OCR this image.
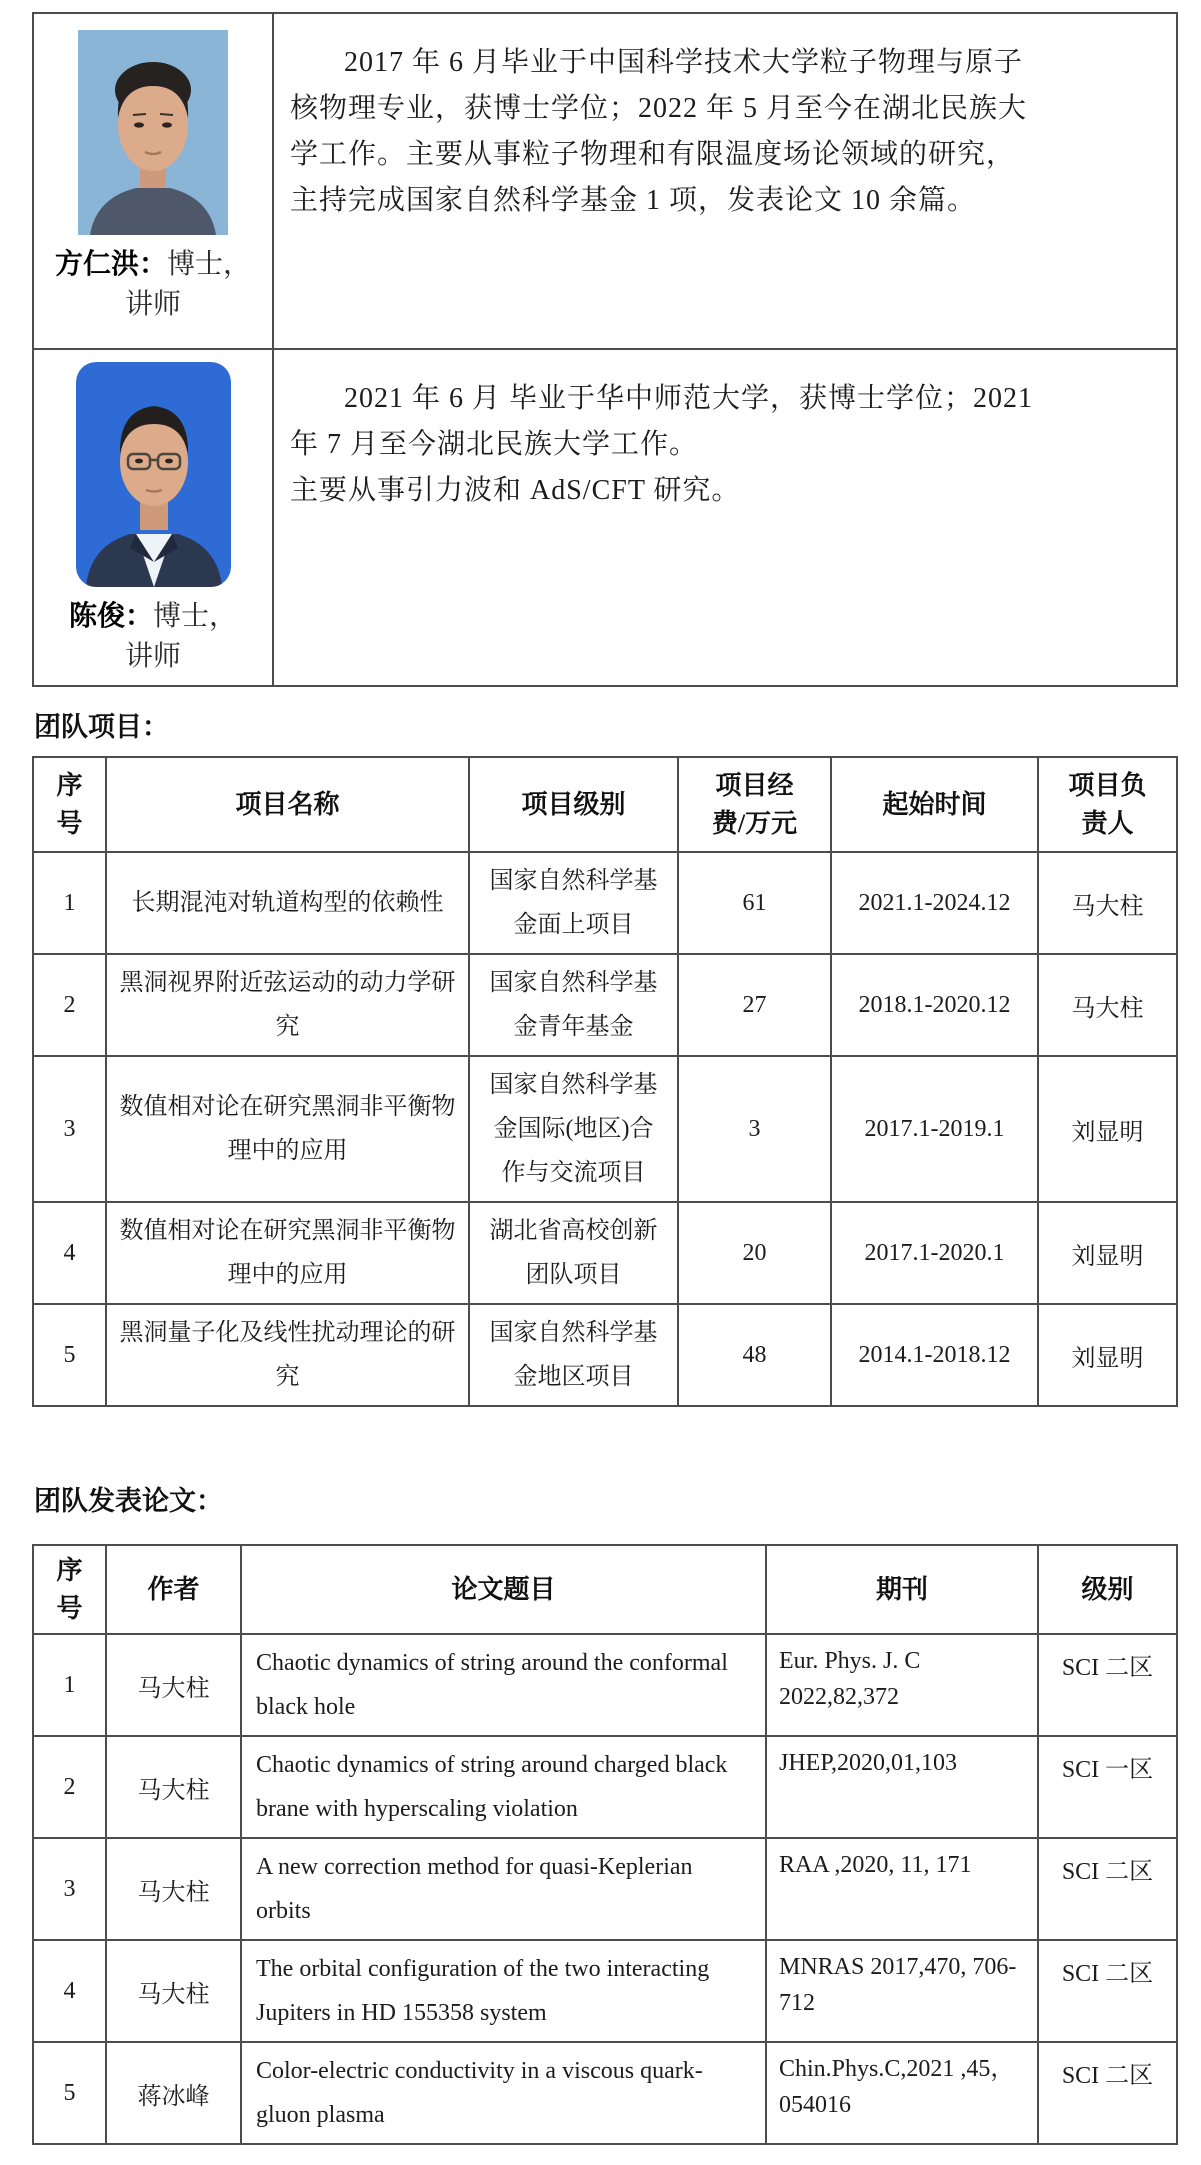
方仁洪：博士，
讲师

2017 年 6 月毕业于中国科学技术大学粒子物理与原子
核物理专业，获博士学位；2022 年 5 月至今在湖北民族大
学工作。主要从事粒子物理和有限温度场论领域的研究，
主持完成国家自然科学基金 1 项，发表论文 10 余篇。

陈俊：博士，
讲师

2021 年 6 月 毕业于华中师范大学，获博士学位；2021
年 7 月至今湖北民族大学工作。
主要从事引力波和 AdS/CFT 研究。
团队项目：
序号	项目名称	项目级别	项目经费/万元	起始时间	项目负责人
1	长期混沌对轨道构型的依赖性	国家自然科学基金面上项目	61	2021.1-2024.12	马大柱
2	黑洞视界附近弦运动的动力学研究	国家自然科学基金青年基金	27	2018.1-2020.12	马大柱
3	数值相对论在研究黑洞非平衡物理中的应用	国家自然科学基金国际(地区)合作与交流项目	3	2017.1-2019.1	刘显明
4	数值相对论在研究黑洞非平衡物理中的应用	湖北省高校创新团队项目	20	2017.1-2020.1	刘显明
5	黑洞量子化及线性扰动理论的研究	国家自然科学基金地区项目	48	2014.1-2018.12	刘显明
团队发表论文：
序号	作者	论文题目	期刊	级别
1	马大柱	Chaotic dynamics of string around the conformal black hole	Eur. Phys. J. C 2022,82,372	SCI 二区
2	马大柱	Chaotic dynamics of string around charged black brane with hyperscaling violation	JHEP,2020,01,103	SCI 一区
3	马大柱	A new correction method for quasi-Keplerian orbits	RAA ,2020, 11, 171	SCI 二区
4	马大柱	The orbital configuration of the two interacting Jupiters in HD 155358 system	MNRAS 2017,470, 706-712	SCI 二区
5	蒋冰峰	Color-electric conductivity in a viscous quark-gluon plasma	Chin.Phys.C,2021 ,45，054016	SCI 二区
